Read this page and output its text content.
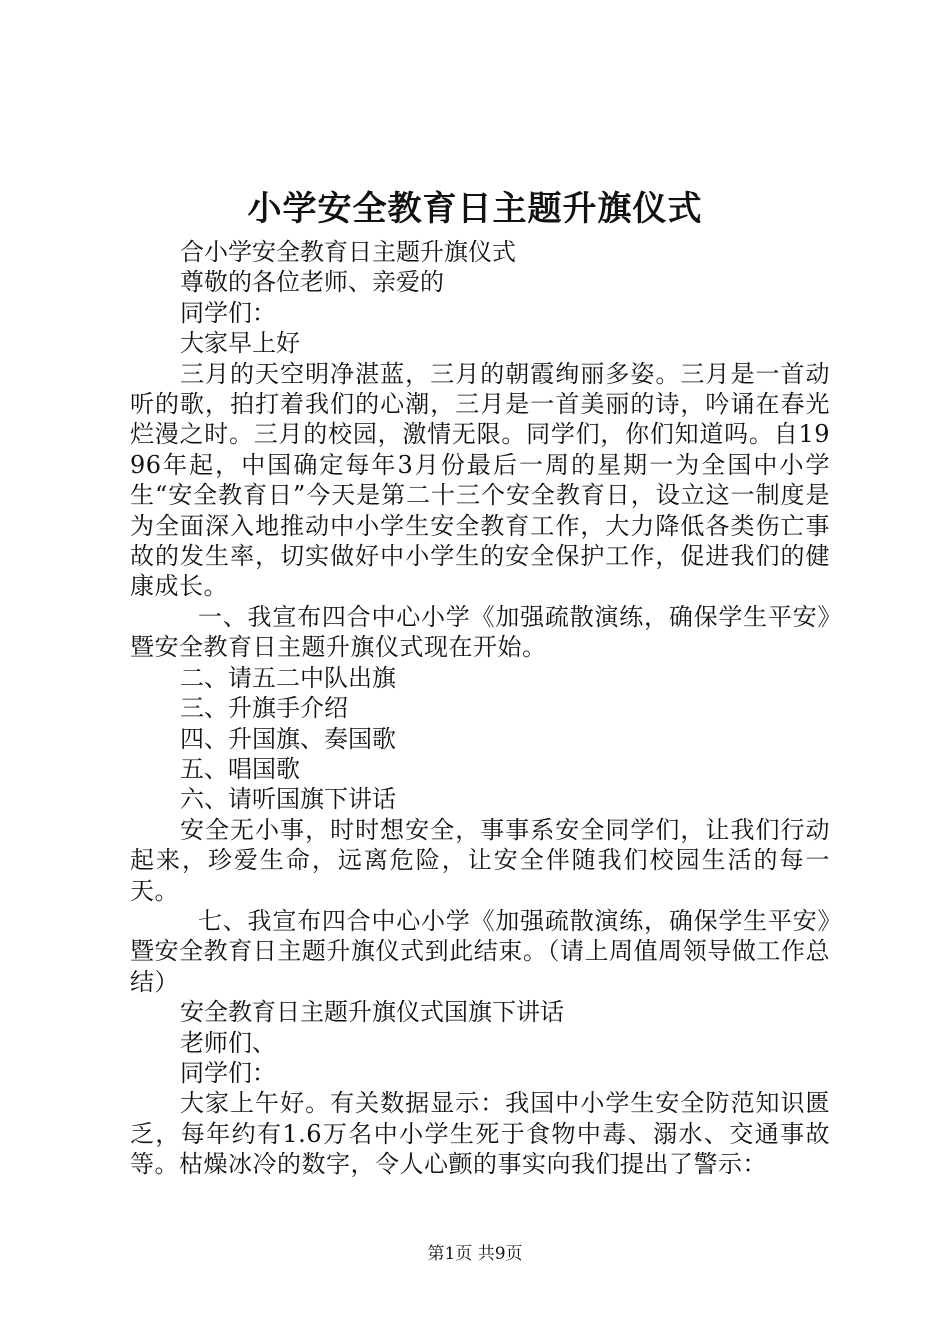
小学安全教育日主题升旗仪式

合小学安全教育日主题升旗仪式

尊敬的各位老师、亲爱的

同学们：

大家早上好

三月的天空明净湛蓝，三月的朝霞绚丽多姿。三月是一首动听的歌，拍打着我们的心潮，三月是一首美丽的诗，吟诵在春光烂漫之时。三月的校园，激情无限。同学们，你们知道吗。自1996年起，中国确定每年3月份最后一周的星期一为全国中小学生“安全教育日”今天是第二十三个安全教育日，设立这一制度是为全面深入地推动中小学生安全教育工作，大力降低各类伤亡事故的发生率，切实做好中小学生的安全保护工作，促进我们的健康成长。

一、我宣布四合中心小学《加强疏散演练，确保学生平安》暨安全教育日主题升旗仪式现在开始。

二、请五二中队出旗

三、升旗手介绍

四、升国旗、奏国歌

五、唱国歌

六、请听国旗下讲话

安全无小事，时时想安全，事事系安全同学们，让我们行动起来，珍爱生命，远离危险，让安全伴随我们校园生活的每一天。

七、我宣布四合中心小学《加强疏散演练，确保学生平安》暨安全教育日主题升旗仪式到此结束。（请上周值周领导做工作总结）

安全教育日主题升旗仪式国旗下讲话

老师们、

同学们：

大家上午好。有关数据显示：我国中小学生安全防范知识匮乏，每年约有1.6万名中小学生死于食物中毒、溺水、交通事故等。枯燥冰冷的数字，令人心颤的事实向我们提出了警示：

第1页 共9页
